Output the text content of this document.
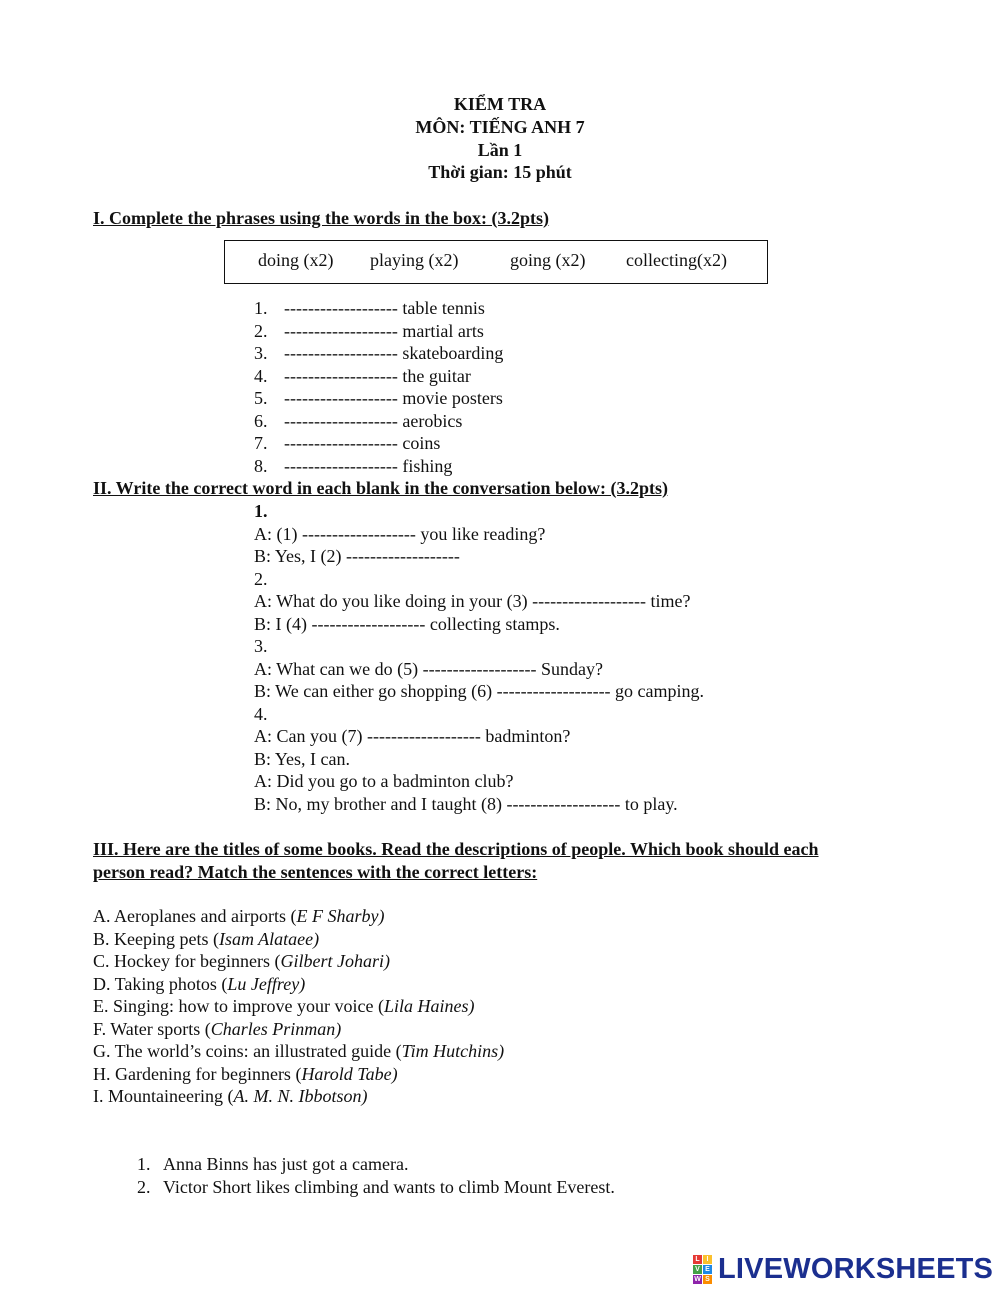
KIỂM TRA
MÔN: TIẾNG ANH 7
Lần 1
Thời gian: 15 phút
I. Complete the phrases using the words in the box: (3.2pts)
doing (x2) playing (x2)	going (x2) collecting(x2)
1. ------------------- table tennis
2. ------------------- martial arts
3. ------------------- skateboarding
4. ------------------- the guitar
5. ------------------- movie posters
6. ------------------- aerobics
7. ------------------- coins
8. ------------------- fishing
II. Write the correct word in each blank in the conversation below: (3.2pts)
1.
A: (1) ------------------- you like reading?
B: Yes, I (2) -------------------
2.
A: What do you like doing in your (3) ------------------- time?
B: I (4) ------------------- collecting stamps.
3.
A: What can we do (5) ------------------- Sunday?
B: We can either go shopping (6) ------------------- go camping.
4.
A: Can you (7) ------------------- badminton?
B: Yes, I can.
A: Did you go to a badminton club?
B: No, my brother and I taught (8) ------------------- to play.
III. Here are the titles of some books. Read the descriptions of people. Which book should each
person read? Match the sentences with the correct letters:
A. Aeroplanes and airports (E F Sharby)
B. Keeping pets (Isam Alataee)
C. Hockey for beginners (Gilbert Johari)
D. Taking photos (Lu Jeffrey)
E. Singing: how to improve your voice (Lila Haines)
F. Water sports (Charles Prinman)
G. The world’s coins: an illustrated guide (Tim Hutchins)
H. Gardening for beginners (Harold Tabe)
I. Mountaineering (A. M. N. Ibbotson)
1. Anna Binns has just got a camera.
2. Victor Short likes climbing and wants to climb Mount Everest.
L I
V E
W S LIVEWORKSHEETS
